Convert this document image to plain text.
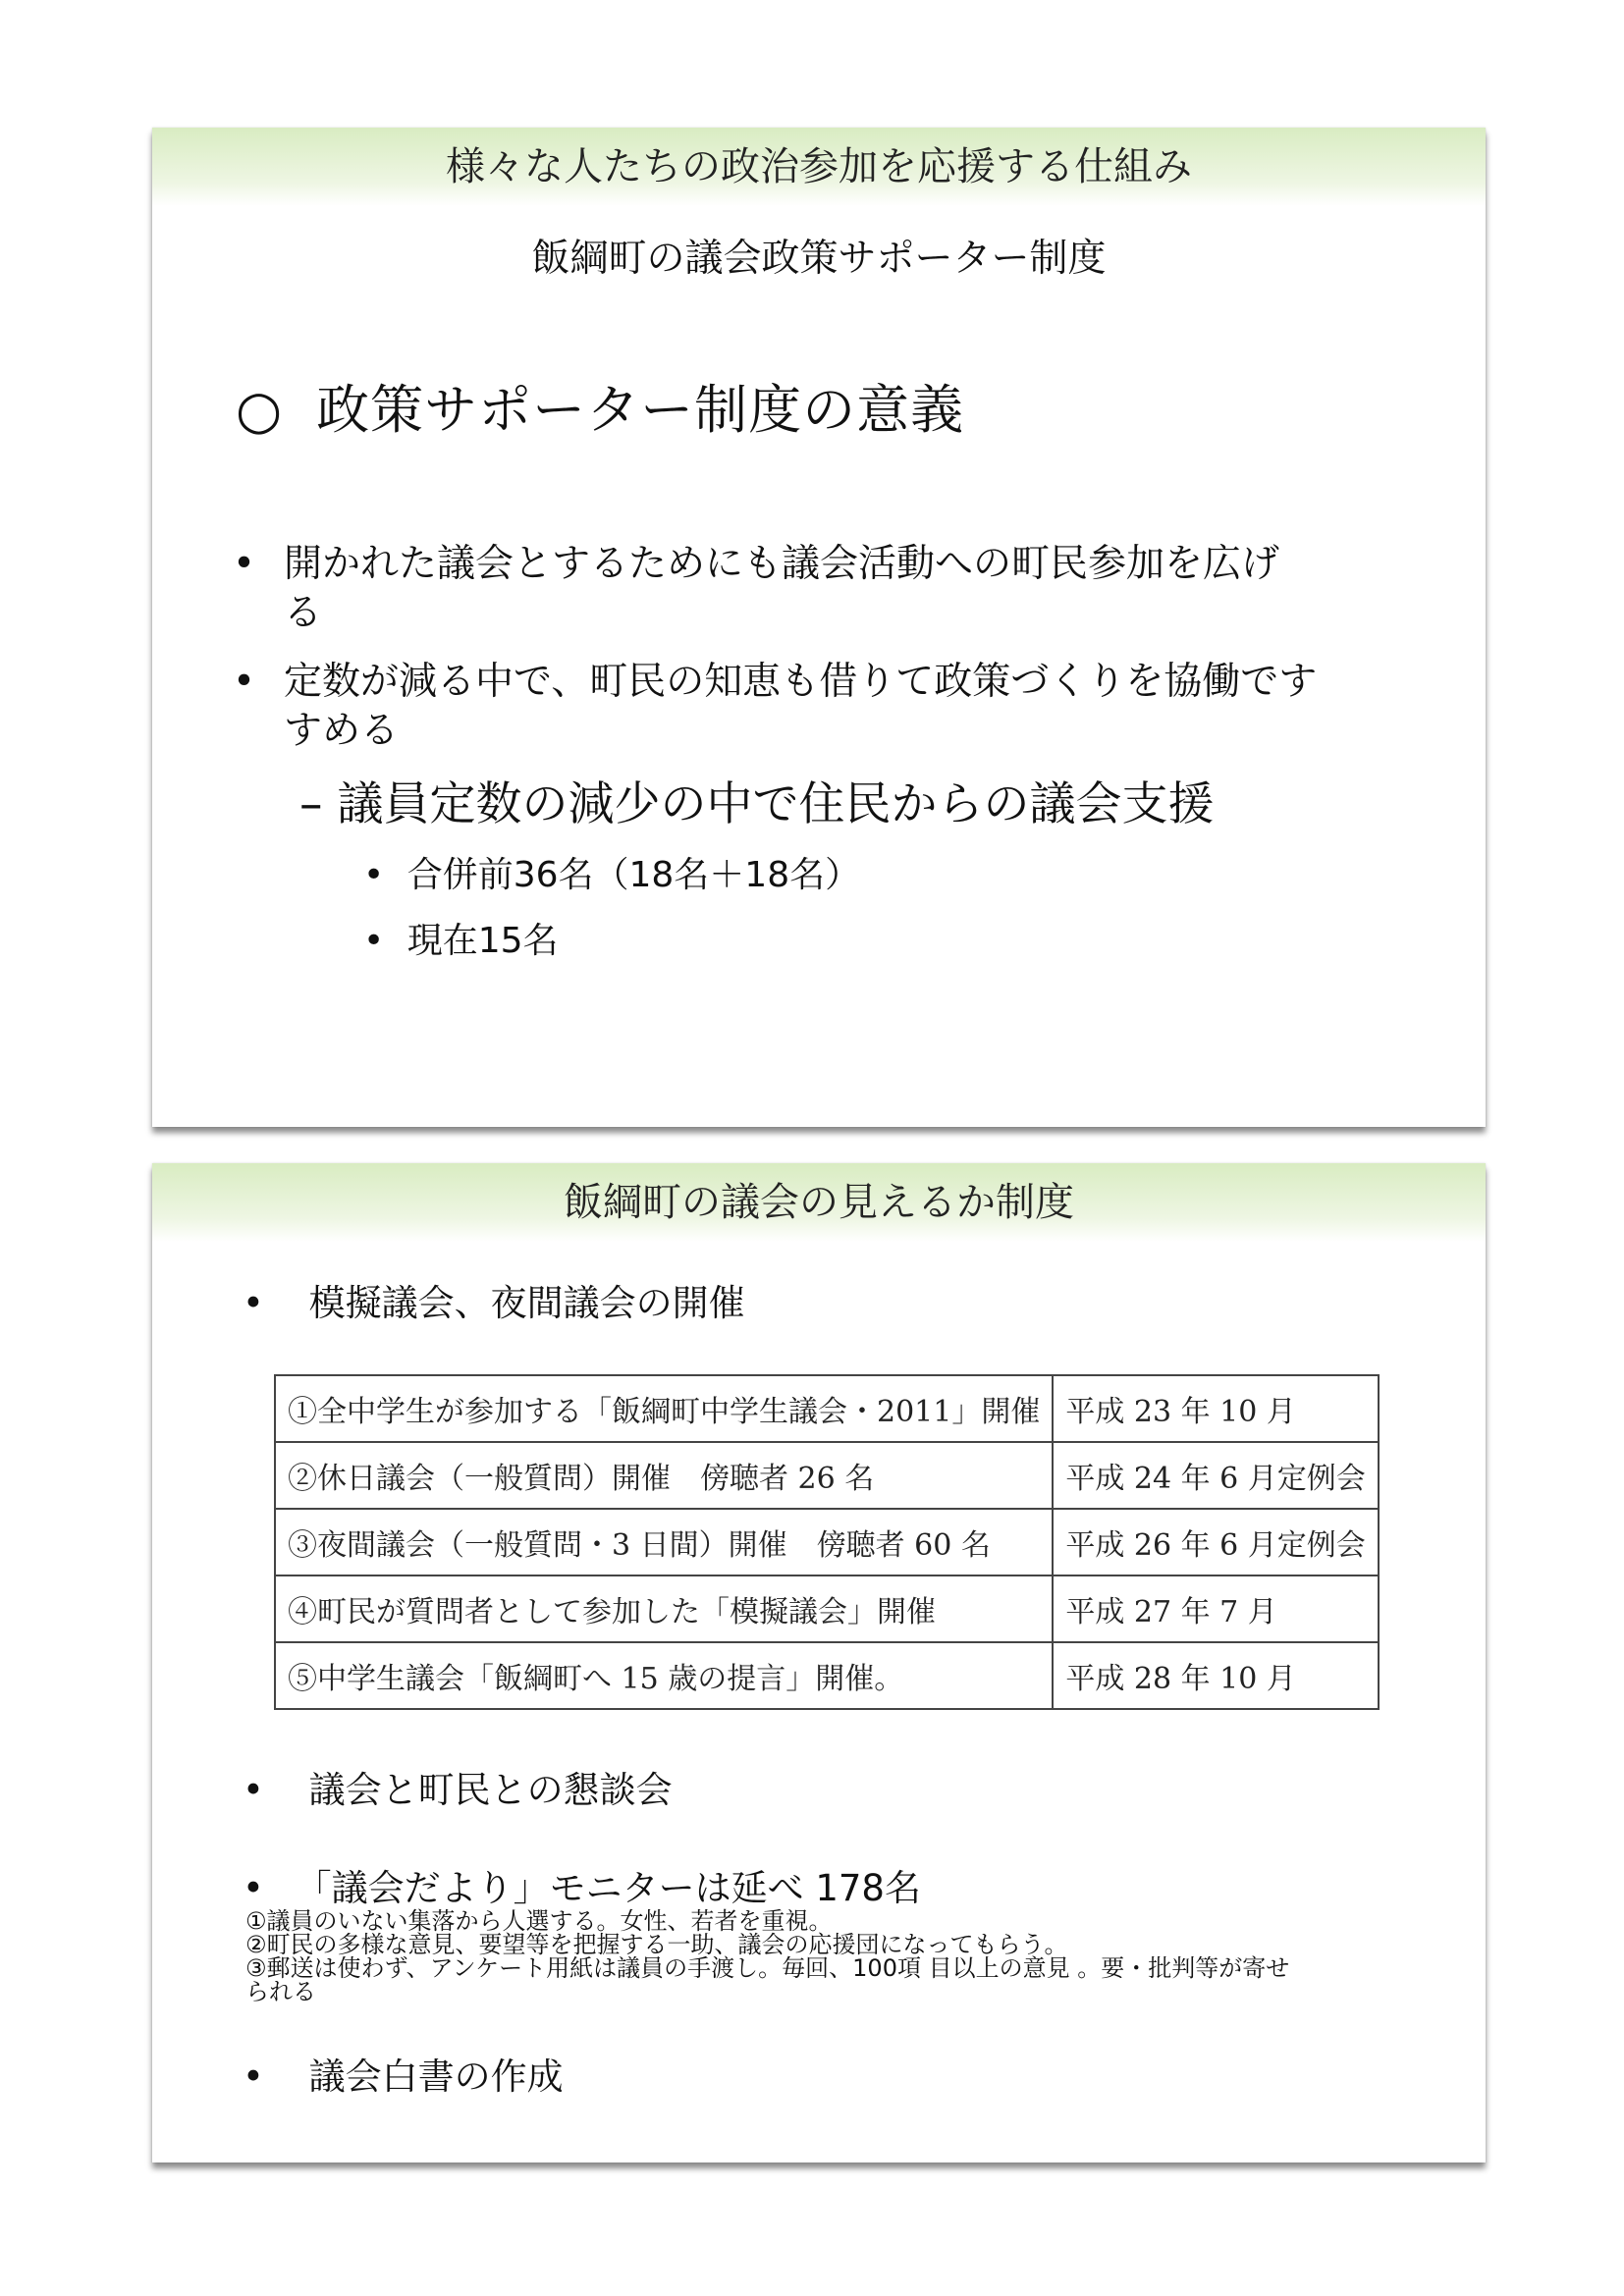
様々な人たちの政治参加を応援する仕組み
飯綱町の議会政策サポーター制度
○ 政策サポーター制度の意義
• 開かれた議会とするためにも議会活動への町民参加を広げ
る
• 定数が減る中で、町民の知恵も借りて政策づくりを協働です
すめる
– 議員定数の減少の中で住民からの議会支援
• 合併前36名（18名＋18名）
• 現在15名
飯綱町の議会の見えるか制度
• 模擬議会、夜間議会の開催
①全中学生が参加する「飯綱町中学生議会・2011」開催	平成 23 年 10 月
②休日議会（一般質問）開催　傍聴者 26 名	平成 24 年 6 月定例会
③夜間議会（一般質問・3 日間）開催　傍聴者 60 名	平成 26 年 6 月定例会
④町民が質問者として参加した「模擬議会」開催	平成 27 年 7 月
⑤中学生議会「飯綱町へ 15 歳の提言」開催。	平成 28 年 10 月
• 議会と町民との懇談会
• 「議会だより」モニターは延べ 178名
①議員のいない集落から人選する。女性、若者を重視。
②町民の多様な意見、要望等を把握する一助、議会の応援団になってもらう。
③郵送は使わず、アンケート用紙は議員の手渡し。毎回、100項 目以上の意見 。要・批判等が寄せ
られる
• 議会白書の作成
